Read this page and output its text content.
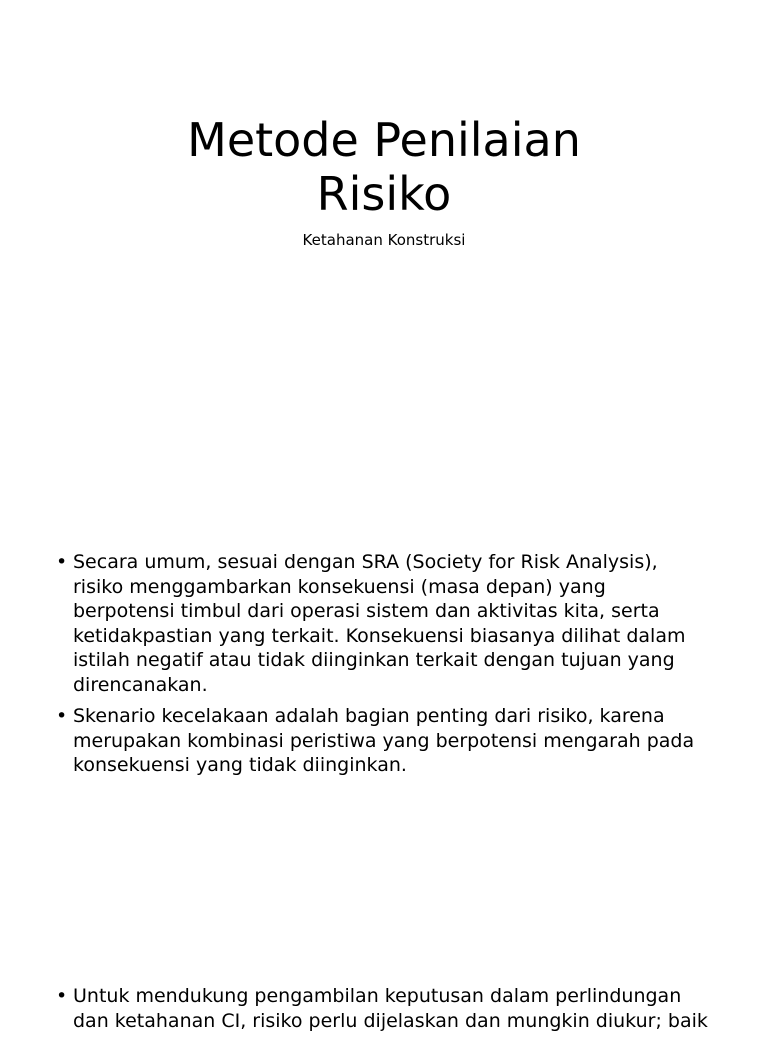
Metode Penilaian
Risiko
Ketahanan Konstruksi
• Secara umum, sesuai dengan SRA (Society for Risk Analysis), risiko menggambarkan konsekuensi (masa depan) yang berpotensi timbul dari operasi sistem dan aktivitas kita, serta ketidakpastian yang terkait. Konsekuensi biasanya dilihat dalam istilah negatif atau tidak diinginkan terkait dengan tujuan yang direncanakan.
• Skenario kecelakaan adalah bagian penting dari risiko, karena merupakan kombinasi peristiwa yang berpotensi mengarah pada konsekuensi yang tidak diinginkan.
• Untuk mendukung pengambilan keputusan dalam perlindungan dan ketahanan CI, risiko perlu dijelaskan dan mungkin diukur; baik
